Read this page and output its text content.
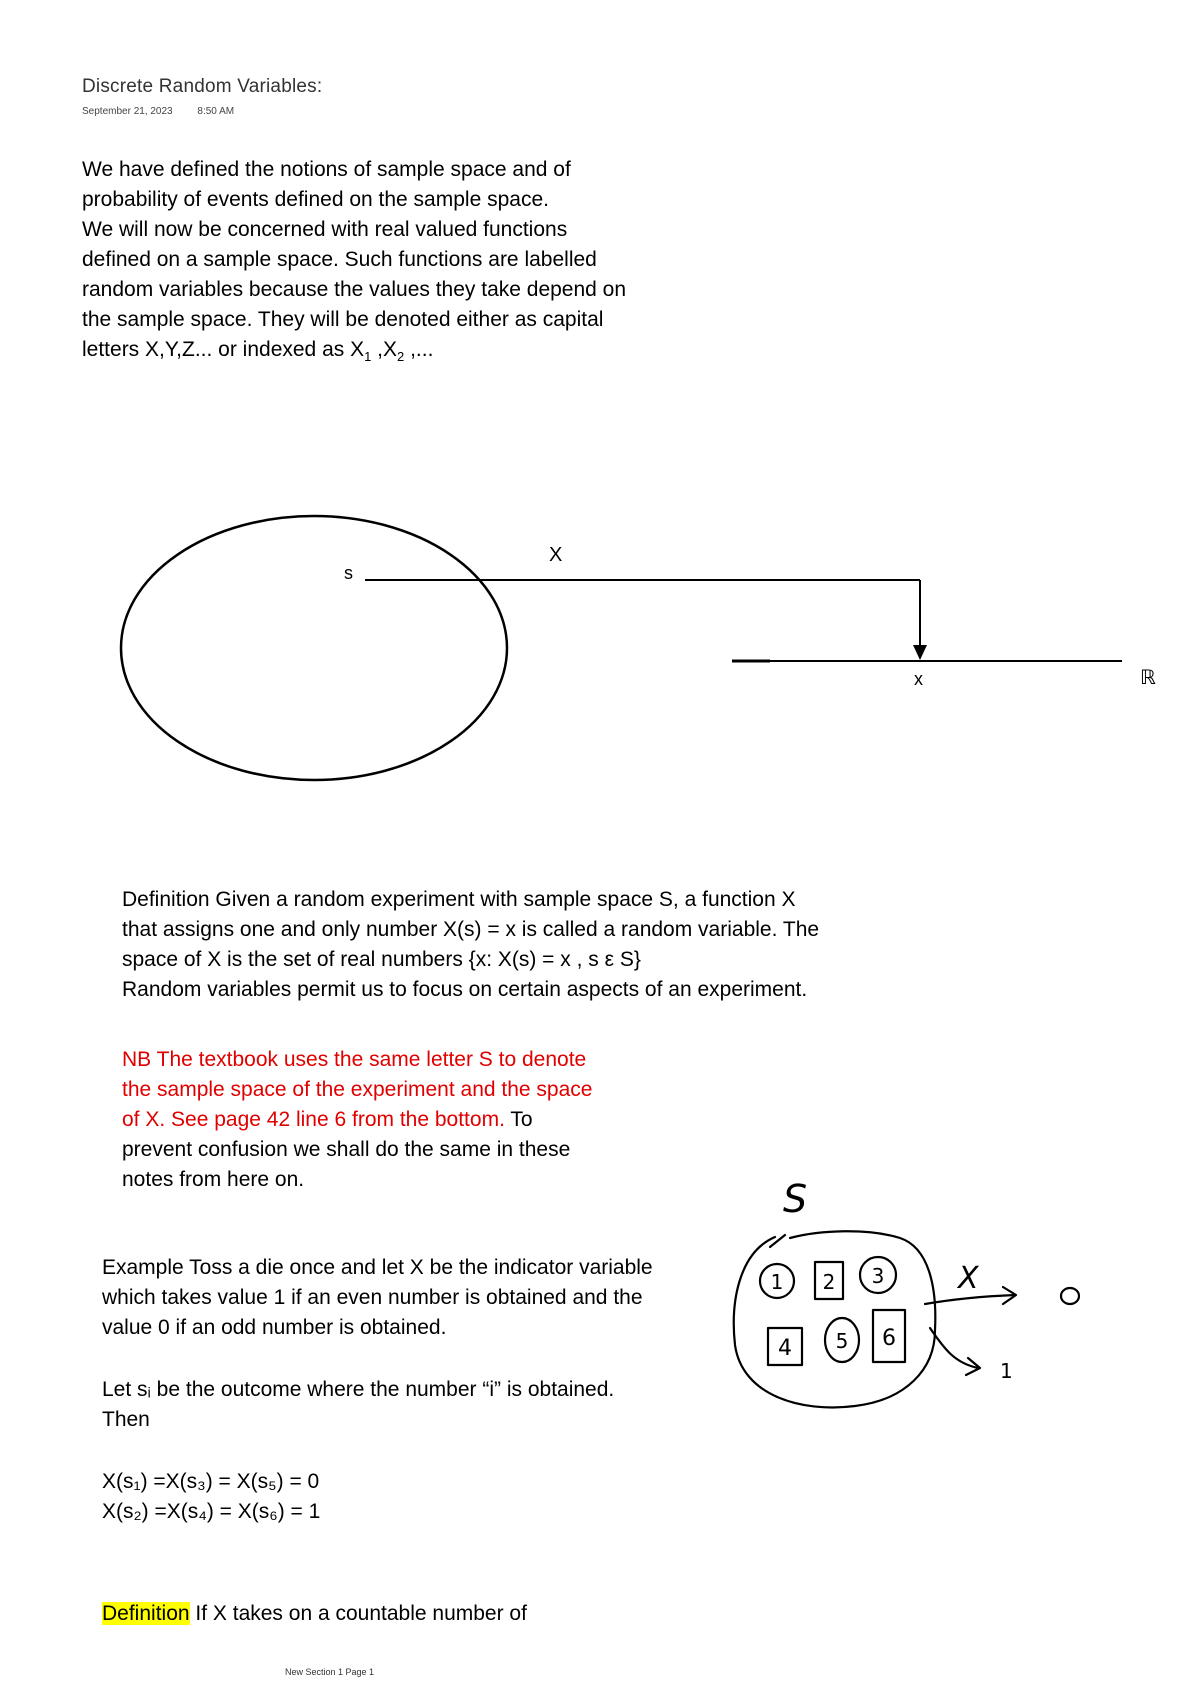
Discrete Random Variables:
September 21, 2023 8:50 AM

We have defined the notions of sample space and of

probability of events defined on the sample space.

We will now be concerned with real valued functions

defined on a sample space. Such functions are labelled

random variables because the values they take depend on

the sample space. They will be denoted either as capital

letters X,Y,Z... or indexed as $X_1$ $,X_2$ ,...

1 2 3
4 5 6
S
X
1
s
X
x	ℝ

Definition Given a random experiment with sample space S, a function X

that assigns one and only number X(s) = x is called a random variable. The

space of X is the set of real numbers {x: X(s) = x , s ε S}

Random variables permit us to focus on certain aspects of an experiment.

NB The textbook uses the same letter S to denote

the sample space of the experiment and the space

of X. See page 42 line 6 from the bottom. To

prevent confusion we shall do the same in these

notes from here on.

Example Toss a die once and let X be the indicator variable

which takes value 1 if an even number is obtained and the

value 0 if an odd number is obtained.

Let sᵢ be the outcome where the number “i” is obtained.

Then

X(s₁) =X(s₃) = X(s₅) = 0

X(s₂) =X(s₄) = X(s₆) = 1

Definition If X takes on a countable number of

New Section 1 Page 1
